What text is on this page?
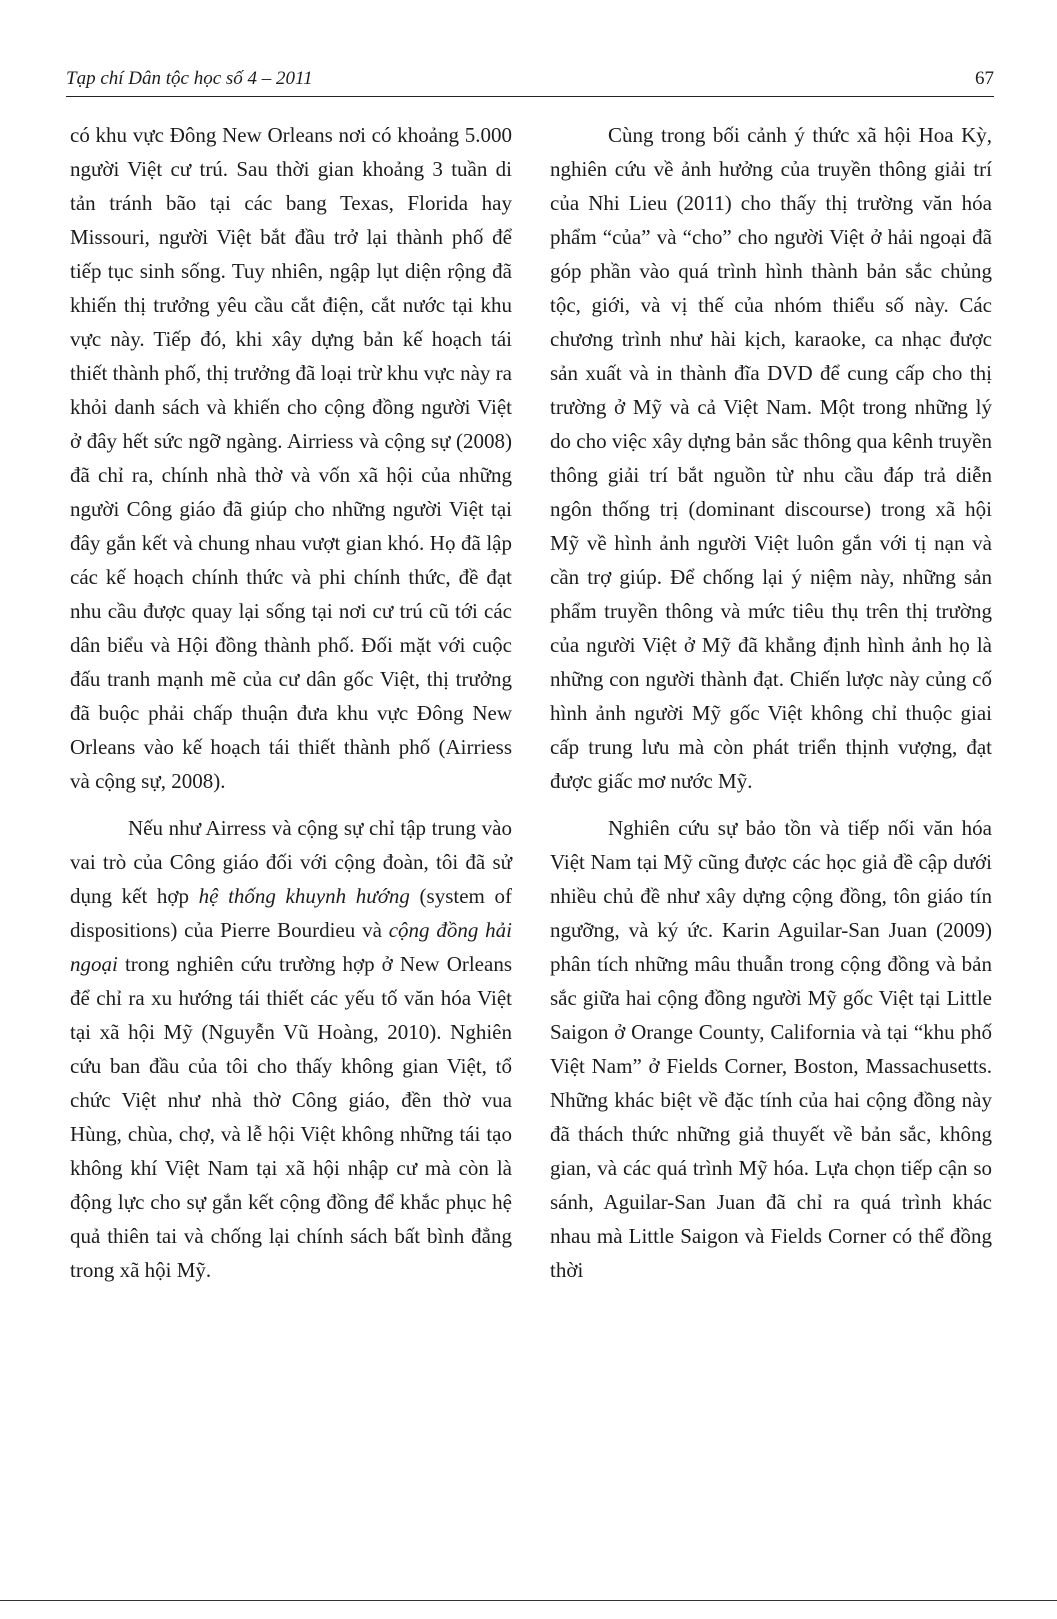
Tạp chí Dân tộc học số 4 – 2011	67

có khu vực Đông New Orleans nơi có khoảng 5.000 người Việt cư trú. Sau thời gian khoảng 3 tuần di tản tránh bão tại các bang Texas, Florida hay Missouri, người Việt bắt đầu trở lại thành phố để tiếp tục sinh sống. Tuy nhiên, ngập lụt diện rộng đã khiến thị trưởng yêu cầu cắt điện, cắt nước tại khu vực này. Tiếp đó, khi xây dựng bản kế hoạch tái thiết thành phố, thị trưởng đã loại trừ khu vực này ra khỏi danh sách và khiến cho cộng đồng người Việt ở đây hết sức ngỡ ngàng. Airriess và cộng sự (2008) đã chỉ ra, chính nhà thờ và vốn xã hội của những người Công giáo đã giúp cho những người Việt tại đây gắn kết và chung nhau vượt gian khó. Họ đã lập các kế hoạch chính thức và phi chính thức, đề đạt nhu cầu được quay lại sống tại nơi cư trú cũ tới các dân biểu và Hội đồng thành phố. Đối mặt với cuộc đấu tranh mạnh mẽ của cư dân gốc Việt, thị trưởng đã buộc phải chấp thuận đưa khu vực Đông New Orleans vào kế hoạch tái thiết thành phố (Airriess và cộng sự, 2008).

Nếu như Airress và cộng sự chỉ tập trung vào vai trò của Công giáo đối với cộng đoàn, tôi đã sử dụng kết hợp hệ thống khuynh hướng (system of dispositions) của Pierre Bourdieu và cộng đồng hải ngoại trong nghiên cứu trường hợp ở New Orleans để chỉ ra xu hướng tái thiết các yếu tố văn hóa Việt tại xã hội Mỹ (Nguyễn Vũ Hoàng, 2010). Nghiên cứu ban đầu của tôi cho thấy không gian Việt, tổ chức Việt như nhà thờ Công giáo, đền thờ vua Hùng, chùa, chợ, và lễ hội Việt không những tái tạo không khí Việt Nam tại xã hội nhập cư mà còn là động lực cho sự gắn kết cộng đồng để khắc phục hệ quả thiên tai và chống lại chính sách bất bình đẳng trong xã hội Mỹ.

Cùng trong bối cảnh ý thức xã hội Hoa Kỳ, nghiên cứu về ảnh hưởng của truyền thông giải trí của Nhi Lieu (2011) cho thấy thị trường văn hóa phẩm “của” và “cho” cho người Việt ở hải ngoại đã góp phần vào quá trình hình thành bản sắc chủng tộc, giới, và vị thế của nhóm thiểu số này. Các chương trình như hài kịch, karaoke, ca nhạc được sản xuất và in thành đĩa DVD để cung cấp cho thị trường ở Mỹ và cả Việt Nam. Một trong những lý do cho việc xây dựng bản sắc thông qua kênh truyền thông giải trí bắt nguồn từ nhu cầu đáp trả diễn ngôn thống trị (dominant discourse) trong xã hội Mỹ về hình ảnh người Việt luôn gắn với tị nạn và cần trợ giúp. Để chống lại ý niệm này, những sản phẩm truyền thông và mức tiêu thụ trên thị trường của người Việt ở Mỹ đã khẳng định hình ảnh họ là những con người thành đạt. Chiến lược này củng cố hình ảnh người Mỹ gốc Việt không chỉ thuộc giai cấp trung lưu mà còn phát triển thịnh vượng, đạt được giấc mơ nước Mỹ.

Nghiên cứu sự bảo tồn và tiếp nối văn hóa Việt Nam tại Mỹ cũng được các học giả đề cập dưới nhiều chủ đề như xây dựng cộng đồng, tôn giáo tín ngưỡng, và ký ức. Karin Aguilar-San Juan (2009) phân tích những mâu thuẫn trong cộng đồng và bản sắc giữa hai cộng đồng người Mỹ gốc Việt tại Little Saigon ở Orange County, California và tại “khu phố Việt Nam” ở Fields Corner, Boston, Massachusetts. Những khác biệt về đặc tính của hai cộng đồng này đã thách thức những giả thuyết về bản sắc, không gian, và các quá trình Mỹ hóa. Lựa chọn tiếp cận so sánh, Aguilar-San Juan đã chỉ ra quá trình khác nhau mà Little Saigon và Fields Corner có thể đồng thời
